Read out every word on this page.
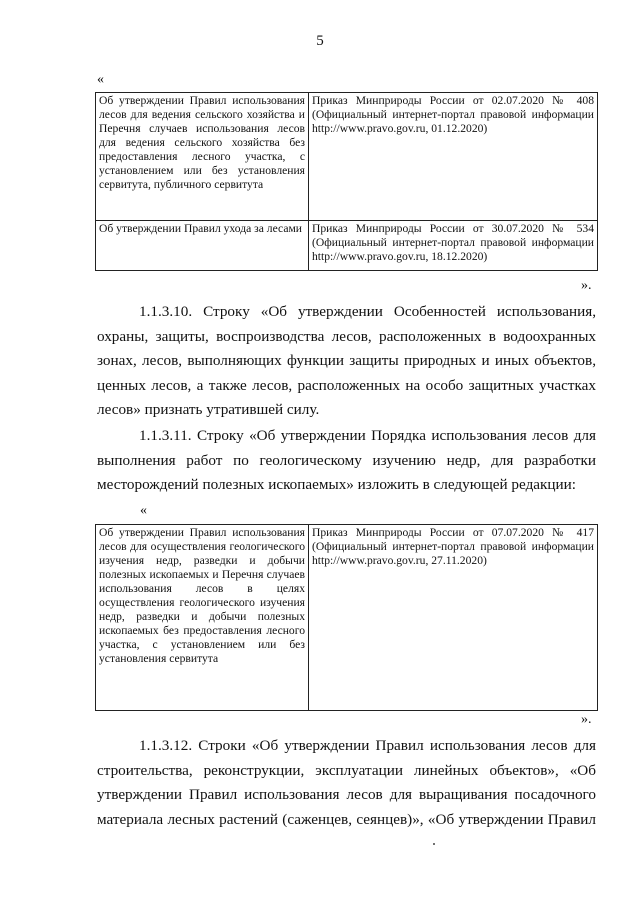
5
«
Об утверждении Правил использования лесов для ведения сельского хозяйства и Перечня случаев использования лесов для ведения сельского хозяйства без предоставления лесного участка, с установлением или без установления сервитута, публичного сервитута	Приказ Минприроды России от 02.07.2020 № 408 (Официальный интернет-портал правовой информации http://www.pravo.gov.ru, 01.12.2020)
Об утверждении Правил ухода за лесами	Приказ Минприроды России от 30.07.2020 № 534 (Официальный интернет-портал правовой информации http://www.pravo.gov.ru, 18.12.2020)
».
1.1.3.10. Строку «Об утверждении Особенностей использования,
охраны, защиты, воспроизводства лесов, расположенных в водоохранных
зонах, лесов, выполняющих функции защиты природных и иных объектов,
ценных лесов, а также лесов, расположенных на особо защитных участках
лесов» признать утратившей силу.
1.1.3.11. Строку «Об утверждении Порядка использования лесов для
выполнения работ по геологическому изучению недр, для разработки
месторождений полезных ископаемых» изложить в следующей редакции:
«
Об утверждении Правил использования лесов для осуществления геологического изучения недр, разведки и добычи полезных ископаемых и Перечня случаев использования лесов в целях осуществления геологического изучения недр, разведки и добычи полезных ископаемых без предоставления лесного участка, с установлением или без установления сервитута	Приказ Минприроды России от 07.07.2020 № 417 (Официальный интернет-портал правовой информации http://www.pravo.gov.ru, 27.11.2020)
».
1.1.3.12. Строки «Об утверждении Правил использования лесов для
строительства, реконструкции, эксплуатации линейных объектов», «Об
утверждении Правил использования лесов для выращивания посадочного
материала лесных растений (саженцев, сеянцев)», «Об утверждении Правил
